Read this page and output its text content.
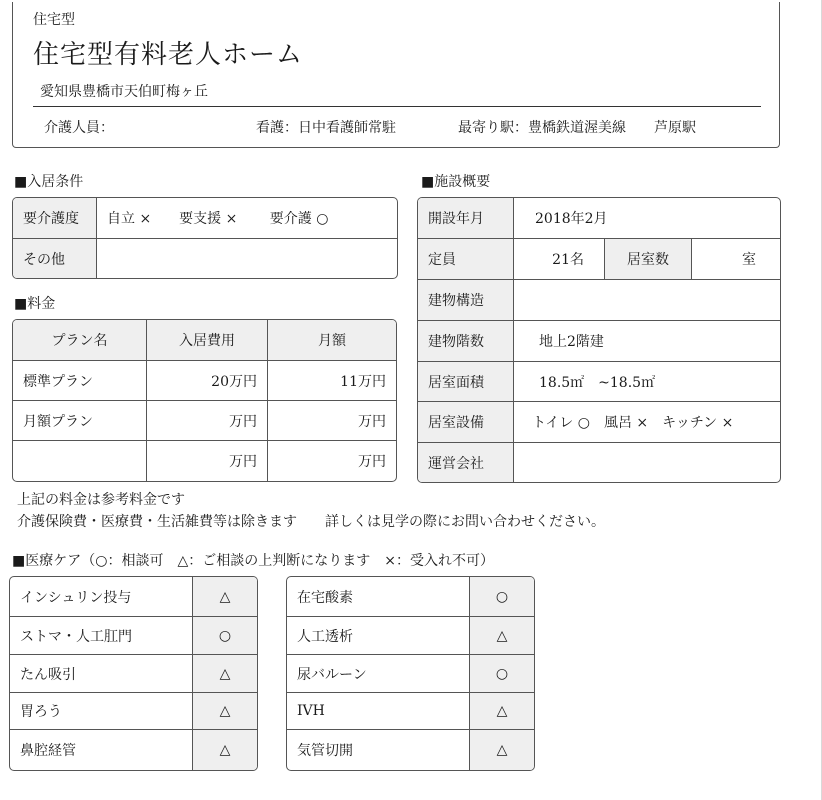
住宅型
住宅型有料老人ホーム
愛知県豊橋市天伯町梅ヶ丘
介護人員：	看護：日中看護師常駐	最寄り駅：豊橋鉄道渥美線　　芦原駅
■入居条件
要介護度	自立 ×　　要支援 ×　　 要介護 ○
その他	
■料金
プラン名	入居費用	月額
標準プラン	20万円	11万円
月額プラン	万円	万円
	万円	万円
上記の料金は参考料金です
介護保険費・医療費・生活雑費等は除きます　　詳しくは見学の際にお問い合わせください。
■施設概要
開設年月	2018年2月		
定員	21名	居室数	室
建物構造			
建物階数	地上2階建		
居室面積	18.5㎡　~18.5㎡		
居室設備	トイレ ○　風呂 ×　キッチン ×		
運営会社			
■医療ケア（○：相談可　△：ご相談の上判断になります　×：受入れ不可）
インシュリン投与	△
ストマ・人工肛門	○
たん吸引	△
胃ろう	△
鼻腔経管	△
在宅酸素	○
人工透析	△
尿バルーン	○
IVH	△
気管切開	△
